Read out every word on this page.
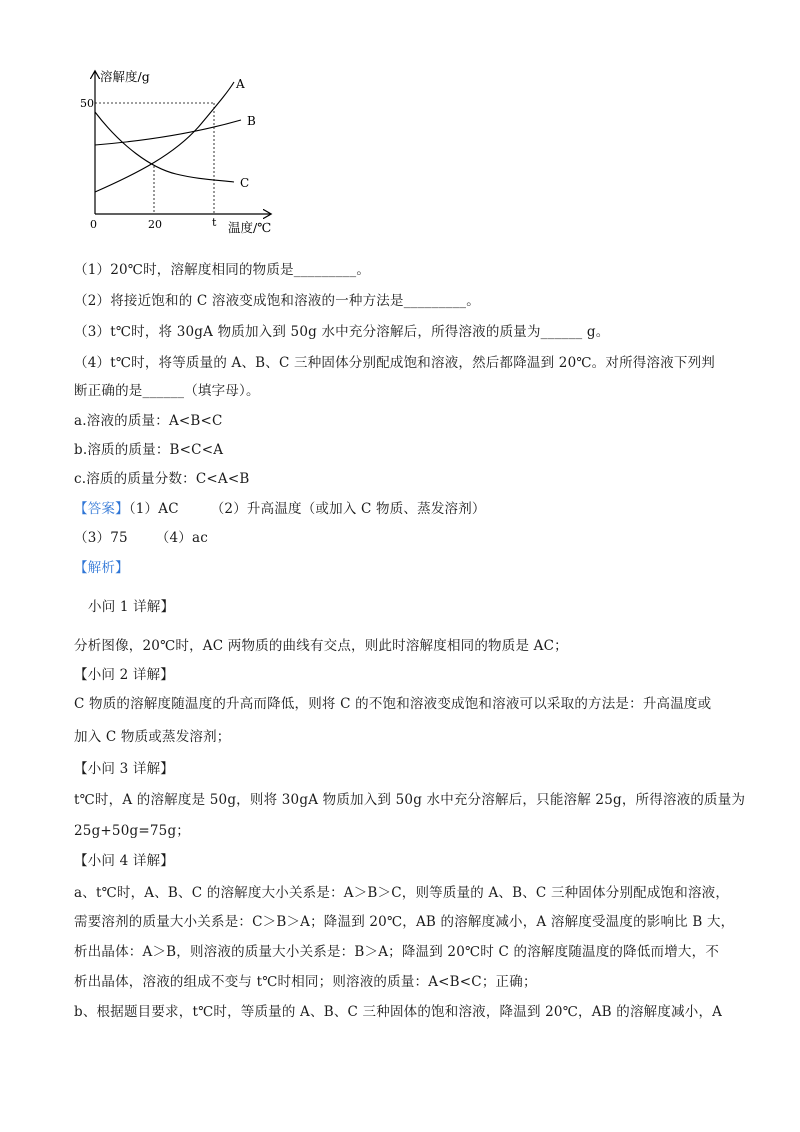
溶解度/g
温度/℃
50
0	20	t
A
B
C
（1）20℃时，溶解度相同的物质是_________。
（2）将接近饱和的 C 溶液变成饱和溶液的一种方法是_________。
（3）t℃时，将 30gA 物质加入到 50g 水中充分溶解后，所得溶液的质量为______ g。
（4）t℃时，将等质量的 A、B、C 三种固体分别配成饱和溶液，然后都降温到 20℃。对所得溶液下列判
断正确的是______（填字母）。
a.溶液的质量：A<B<C
b.溶质的质量：B<C<A
c.溶质的质量分数：C<A<B
【答案】（1）AC （2）升高温度（或加入 C 物质、蒸发溶剂）
（3）75 （4）ac
【解析】
小问 1 详解】
分析图像，20℃时，AC 两物质的曲线有交点，则此时溶解度相同的物质是 AC；
【小问 2 详解】
C 物质的溶解度随温度的升高而降低，则将 C 的不饱和溶液变成饱和溶液可以采取的方法是：升高温度或
加入 C 物质或蒸发溶剂；
【小问 3 详解】
t℃时，A 的溶解度是 50g，则将 30gA 物质加入到 50g 水中充分溶解后，只能溶解 25g，所得溶液的质量为
25g+50g=75g；
【小问 4 详解】
a、t℃时，A、B、C 的溶解度大小关系是：A＞B＞C，则等质量的 A、B、C 三种固体分别配成饱和溶液，
需要溶剂的质量大小关系是：C＞B＞A；降温到 20℃，AB 的溶解度减小，A 溶解度受温度的影响比 B 大，
析出晶体：A＞B，则溶液的质量大小关系是：B＞A；降温到 20℃时 C 的溶解度随温度的降低而增大，不
析出晶体，溶液的组成不变与 t℃时相同；则溶液的质量：A<B<C；正确；
b、根据题目要求，t℃时，等质量的 A、B、C 三种固体的饱和溶液，降温到 20℃，AB 的溶解度减小，A
